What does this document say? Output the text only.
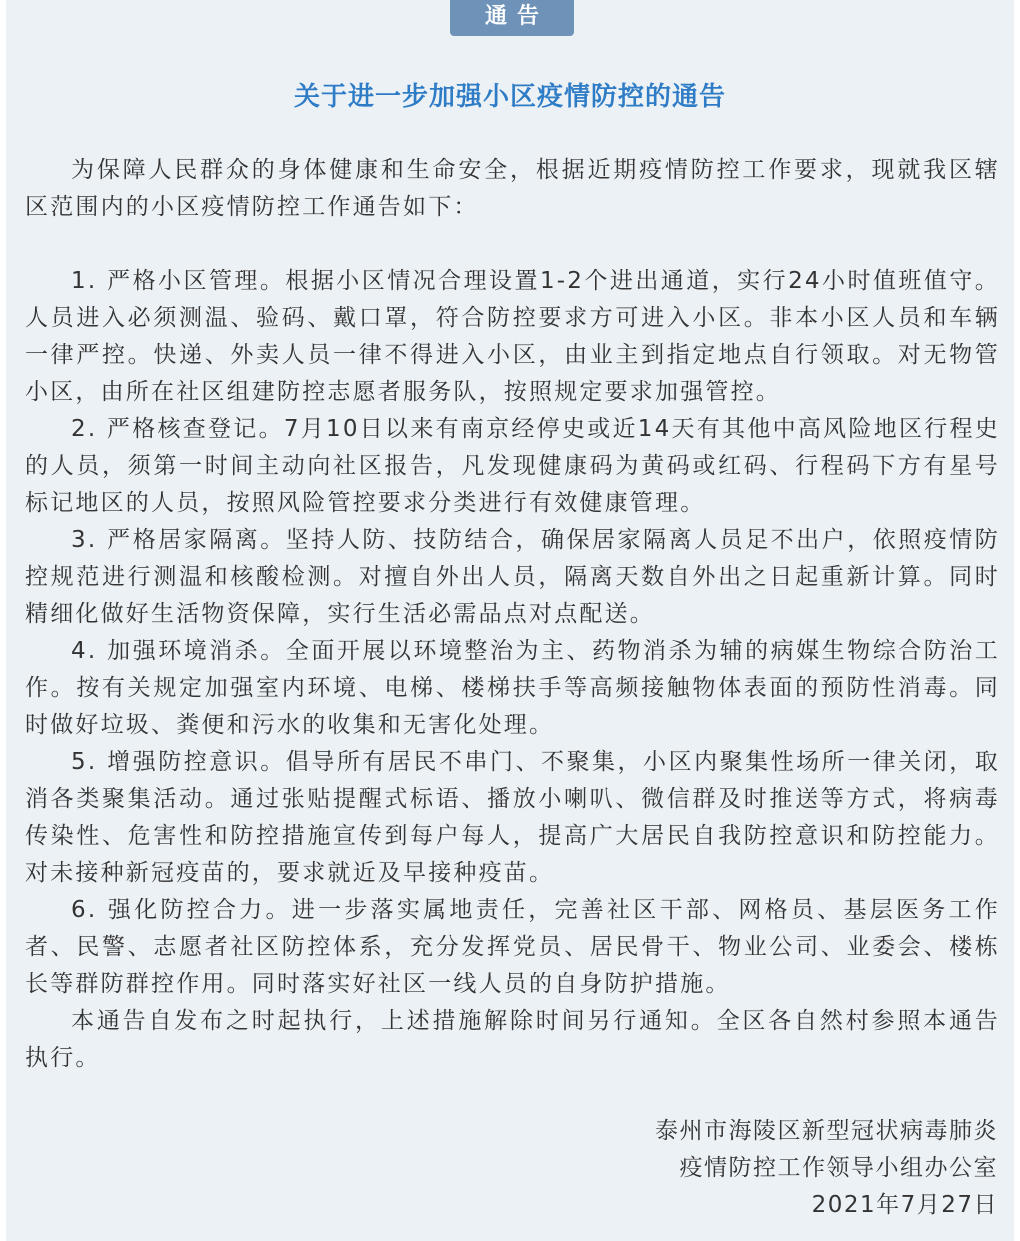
通告
关于进一步加强小区疫情防控的通告

为保障人民群众的身体健康和生命安全，根据近期疫情防控工作要求，现就我区辖区范围内的小区疫情防控工作通告如下：

1. 严格小区管理。根据小区情况合理设置1-2个进出通道，实行24小时值班值守。人员进入必须测温、验码、戴口罩，符合防控要求方可进入小区。非本小区人员和车辆一律严控。快递、外卖人员一律不得进入小区，由业主到指定地点自行领取。对无物管小区，由所在社区组建防控志愿者服务队，按照规定要求加强管控。

2. 严格核查登记。7月10日以来有南京经停史或近14天有其他中高风险地区行程史的人员，须第一时间主动向社区报告，凡发现健康码为黄码或红码、行程码下方有星号标记地区的人员，按照风险管控要求分类进行有效健康管理。

3. 严格居家隔离。坚持人防、技防结合，确保居家隔离人员足不出户，依照疫情防控规范进行测温和核酸检测。对擅自外出人员，隔离天数自外出之日起重新计算。同时精细化做好生活物资保障，实行生活必需品点对点配送。

4. 加强环境消杀。全面开展以环境整治为主、药物消杀为辅的病媒生物综合防治工作。按有关规定加强室内环境、电梯、楼梯扶手等高频接触物体表面的预防性消毒。同时做好垃圾、粪便和污水的收集和无害化处理。

5. 增强防控意识。倡导所有居民不串门、不聚集，小区内聚集性场所一律关闭，取消各类聚集活动。通过张贴提醒式标语、播放小喇叭、微信群及时推送等方式，将病毒传染性、危害性和防控措施宣传到每户每人，提高广大居民自我防控意识和防控能力。对未接种新冠疫苗的，要求就近及早接种疫苗。

6. 强化防控合力。进一步落实属地责任，完善社区干部、网格员、基层医务工作者、民警、志愿者社区防控体系，充分发挥党员、居民骨干、物业公司、业委会、楼栋长等群防群控作用。同时落实好社区一线人员的自身防护措施。

本通告自发布之时起执行，上述措施解除时间另行通知。全区各自然村参照本通告执行。

泰州市海陵区新型冠状病毒肺炎
疫情防控工作领导小组办公室
2021年7月27日
